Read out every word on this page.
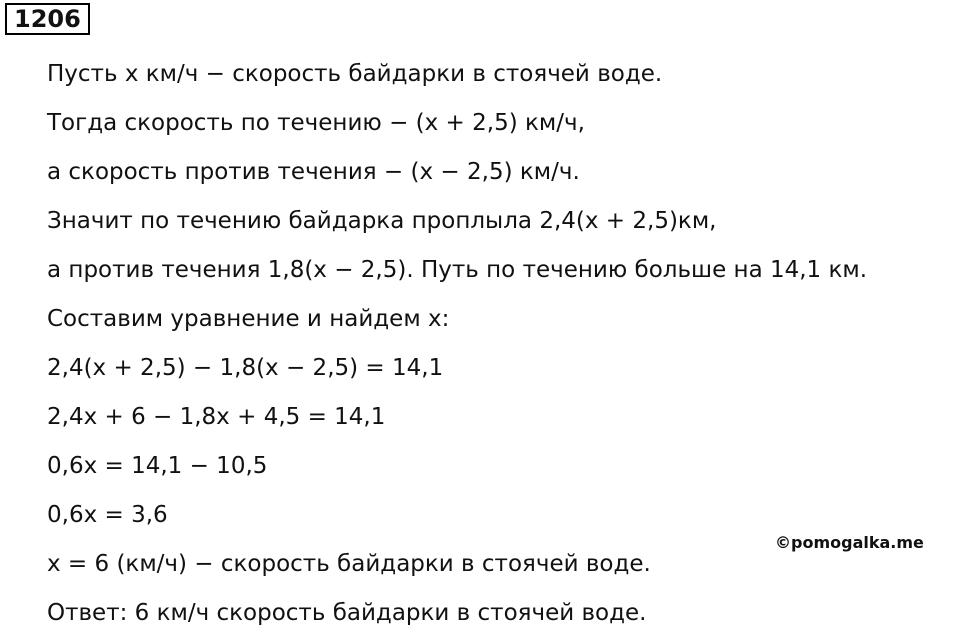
1206
Пусть x км/ч − скорость байдарки в стоячей воде.
Тогда скорость по течению − (x + 2,5) км/ч,
а скорость против течения − (x − 2,5) км/ч.
Значит по течению байдарка проплыла 2,4(x + 2,5)км,
а против течения 1,8(x − 2,5). Путь по течению больше на 14,1 км.
Составим уравнение и найдем x:
2,4(x + 2,5) − 1,8(x − 2,5) = 14,1
2,4x + 6 − 1,8x + 4,5 = 14,1
0,6x = 14,1 − 10,5
0,6x = 3,6
x = 6 (км/ч) − скорость байдарки в стоячей воде.
Ответ: 6 км/ч скорость байдарки в стоячей воде.
©pomogalka.me
